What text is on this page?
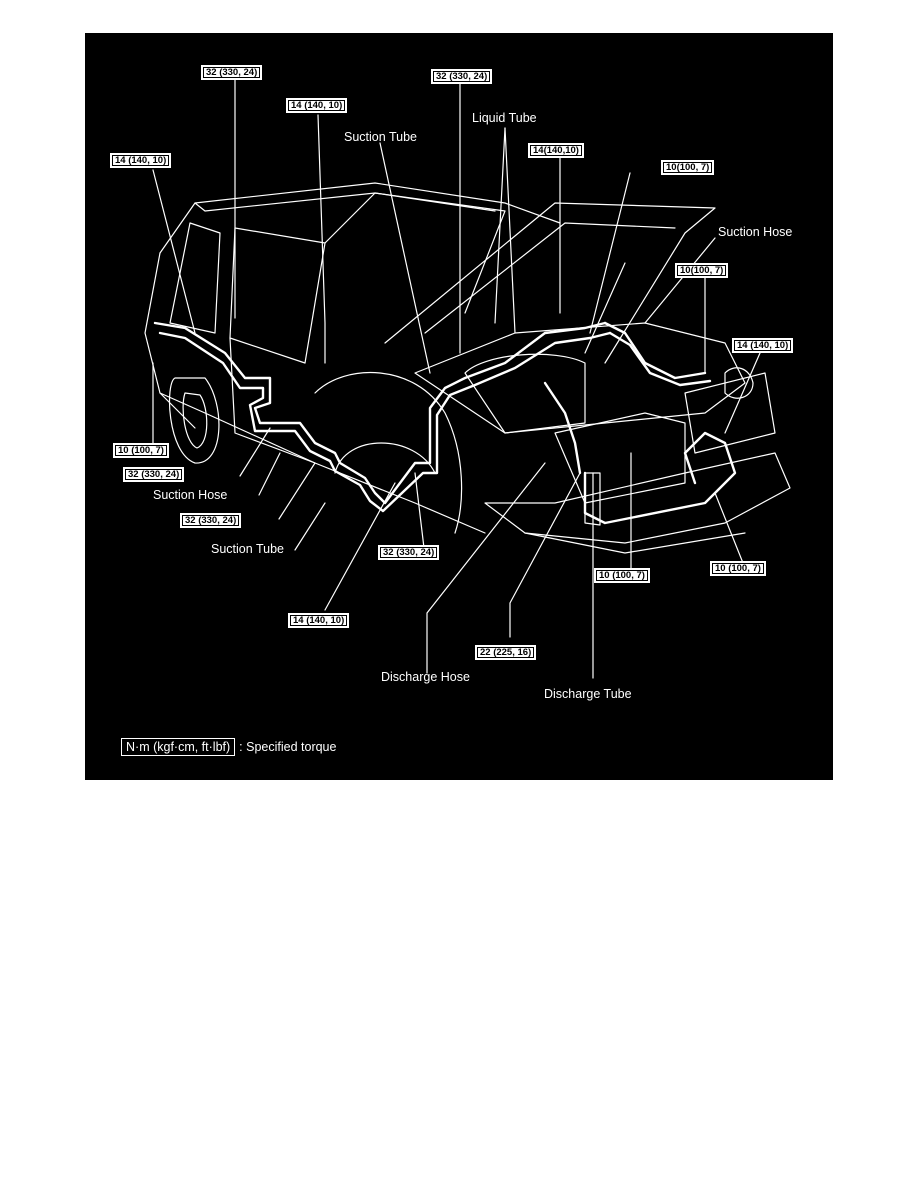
32 (330, 24)	32 (330, 24)
14 (140, 10)
14 (140, 10)
14(140,10)
10(100, 7)
10(100, 7)
14 (140, 10)
10 (100, 7)
32 (330, 24)
32 (330, 24)
32 (330, 24)
14 (140, 10)
10 (100, 7)
10 (100, 7)
22 (225, 16)
Suction Tube
Liquid Tube
Suction Hose
Suction Hose
Suction Tube
Discharge Hose
Discharge Tube
N·m (kgf·cm, ft·lbf) : Specified torque
